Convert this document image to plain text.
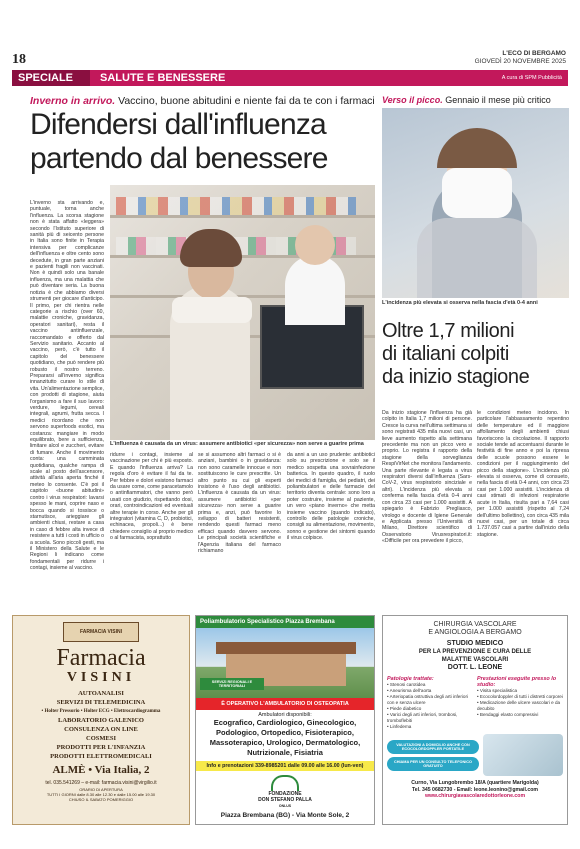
18	L'ECO DI BERGAMO
GIOVEDÌ 20 NOVEMBRE 2025
SPECIALE	SALUTE E BENESSERE	A cura di SPM Pubblicità
Inverno in arrivo. Vaccino, buone abitudini e niente fai da te con i farmaci Verso il picco. Gennaio il mese più critico
Difendersi dall'influenza
partendo dal benessere
L'influenza è causata da un virus: assumere antibiotici «per sicurezza» non serve a guarire prima
L'incidenza più elevata si osserva nella fascia d'età 0-4 anni
Oltre 1,7 milioni
di italiani colpiti
da inizio stagione
L'inverno sta arrivando e, puntuale, torna anche l'influenza. La scorsa stagione non è stata affatto «leggera» secondo l'Istituto superiore di sanità più di seicento persone in Italia sono finite in Terapia intensiva per complicanze dell'influenza e oltre cento sono decedute, in gran parte anziani e pazienti fragili non vaccinati. Non è quindi solo una banale influenza, ma una malattia che può diventare seria. La buona notizia è che abbiamo diversi strumenti per giocare d'anticipo. Il primo, per chi rientra nelle categorie a rischio (over 60, malattie croniche, gravidanza, operatori sanitari), resta il vaccino antinfluenzale, raccomandato e offerto dal Servizio sanitario. Accanto al vaccino, però, c'è tutto il capitolo del benessere quotidiano, che può rendere più robusto il nostro terreno. Prepararsi all'inverno significa innanzitutto curare lo stile di vita. Un'alimentazione semplice, con prodotti di stagione, aiuta l'organismo a fare il suo lavoro: verdure, legumi, cereali integrali, agrumi, frutta secca. I medici ricordano che non servono superfoods esotici, ma costanza: mangiare in modo equilibrato, bere a sufficienza, limitare alcol e zuccheri, evitare di fumare. Anche il movimento conta: una camminata quotidiana, qualche rampa di scale al posto dell'ascensore, attività all'aria aperta finché il meteo lo consente. C'è poi il capitolo «buone abitudini» contro i virus respiratori: lavarsi spesso le mani, coprire naso e bocca quando si tossisce o starnutisce, arieggiare gli ambienti chiusi, restare a casa in caso di febbre alta invece di resistere a tutti i costi in ufficio o a scuola. Sono piccoli gesti, ma il Ministero della Salute e le Regioni li indicano come fondamentali per ridurre i contagi, insieme al vaccino.
ridurre i contagi, insieme al vaccinazione per chi è più esposto. E quando l'influenza arriva? La regola d'oro è evitare il fai da te. Per febbre e dolori esistono farmaci da usare come, come paracetamolo o antinfiammatori, che vanno però usati con giudizio, rispettando dosi, orari, controindicazioni ed eventuali altre terapie in corso. Anche per gli integratori (vitamina C, D, probiotici, echinacea, propoli...) è bene chiedere consiglio al proprio medico o al farmacista, soprattutto
se si assumono altri farmaci o si è anziani, bambini o in gravidanza: non sono caramelle innocue e non sostituiscono le cure prescritte. Un altro punto su cui gli esperti insistono è l'uso degli antibiotici. L'influenza è causata da un virus: assumere antibiotici «per sicurezza» non serve a guarire prima e, anzi, può favorire lo sviluppo di batteri resistenti, rendendo questi farmaci meno efficaci quando davvero servono. Le principali società scientifiche e l'Agenzia italiana del farmaco richiamano
da anni a un uso prudente: antibiotici solo su prescrizione e solo se il medico sospetta una sovrainfezione batterica. In questo quadro, il ruolo dei medici di famiglia, dei pediatri, dei poliambulatori e delle farmacie del territorio diventa centrale: sono loro a poter costruire, insieme al paziente, un vero «piano inverno» che metta insieme vaccino (quando indicato), controllo delle patologie croniche, consigli su alimentazione, movimento, sonno e gestione dei sintomi quando il virus colpisce.
Da inizio stagione l'influenza ha già colpito in Italia 1,7 milioni di persone. Cresce la curva nell'ultima settimana si sono registrati 435 mila nuovi casi, un lieve aumento rispetto alla settimana precedente ma non un picco vero e proprio. Lo registra il rapporto della stagione della sorveglianza RespiVirNet che monitora l'andamento. Una parte rilevante è legata a virus respiratori diversi dall'influenza (Sars-CoV-2, virus respiratorio sinciziale e altri). L'incidenza più elevata si conferma nella fascia d'età 0-4 anni con circa 23 casi per 1.000 assistiti. A spiegarlo è Fabrizio Pregliasco, virologo e docente di Igiene Generale e Applicata presso l'Università di Milano, Direttore scientifico di Osservatorio Virusrespiratori.it: «Difficile per ora prevedere il picco,
le condizioni meteo incidono. In particolare l'abbassamento repentino delle temperature ed il maggiore affollamento degli ambienti chiusi favoriscono la circolazione. Il rapporto sociale tende ad accentuarsi durante le festività di fine anno e poi la ripresa delle scuole possono essere le condizioni per il raggiungimento del picco della stagione». L'incidenza più elevata si osserva, come di consueto, nella fascia di età 0-4 anni, con circa 23 casi per 1.000 assistiti. L'incidenza di casi stimati di infezioni respiratorie acute in Italia, risulta pari a 7,64 casi per 1.000 assistiti (rispetto al 7,24 dell'ultimo bollettino), con circa 435 mila nuovi casi, per un totale di circa 1.737.057 casi a partire dall'inizio della stagione.
FARMACIA VISINI
Farmacia
VISINI
AUTOANALISI
SERVIZI DI TELEMEDICINA
• Holter Pressorio • Holter ECG • Elettrocardiogramma
LABORATORIO GALENICO
CONSULENZA ON LINE
COSMESI
PRODOTTI PER L'INFANZIA
PRODOTTI ELETTROMEDICALI
ALMÈ • Via Italia, 2
tel. 035.541269 – e-mail: farmacia.visini@virgilio.it
ORARIO DI APERTURA
TUTTI I GIORNI dalle 8.30 alle 12.30 e dalle 15.00 alle 19.30
CHIUSO IL SABATO POMERIGGIO
Poliambulatorio Specialistico Piazza Brembana
SERVIZI REGIONALI E TERRITORIALI
È OPERATIVO L'AMBULATORIO DI OSTEOPATIA
Ambulatori disponibili:
Ecografico, Cardiologico, Ginecologico,
Podologico, Ortopedico, Fisioterapico,
Massoterapico, Urologico, Dermatologico,
Nutrizionale, Fisiatria
Info e prenotazioni 339-8985201 dalle 09.00 alle 16.00 (lun-ven)
FONDAZIONE
DON STEFANO PALLA
ONLUS
Piazza Brembana (BG) - Via Monte Sole, 2
CHIRURGIA VASCOLARE
E ANGIOLOGIA A BERGAMO
STUDIO MEDICO
PER LA PREVENZIONE E CURA DELLE
MALATTIE VASCOLARI
DOTT. L. LEONE
Patologie trattate:
• Stenosi carotidea
• Aneurisma dell'aorta
• Arteriopatia ostruttiva degli arti inferiori con e senza ulcere
• Piede diabetico
• Varici degli arti inferiori, trombosi, tromboflebiti
• Linfedema
Prestazioni eseguite presso lo studio:
• Visita specialistica
• Ecocolordoppler di tutti i distretti corporei
• Medicazione delle ulcere vascolari e da decubito
• Bendaggi elasto compressivi
VALUTAZIONI A DOMICILIO ANCHE CON ECOCOLORDOPPLER PORTATILE
CHIAMA PER UN CONSULTO TELEFONICO GRATUITO
Curno, Via Lungobrembo 18/A (quartiere Marigolda)
Tel. 345 0682730 - Email: leone.leonino@gmail.com
www.chirurgiavascolaredottorleone.com
